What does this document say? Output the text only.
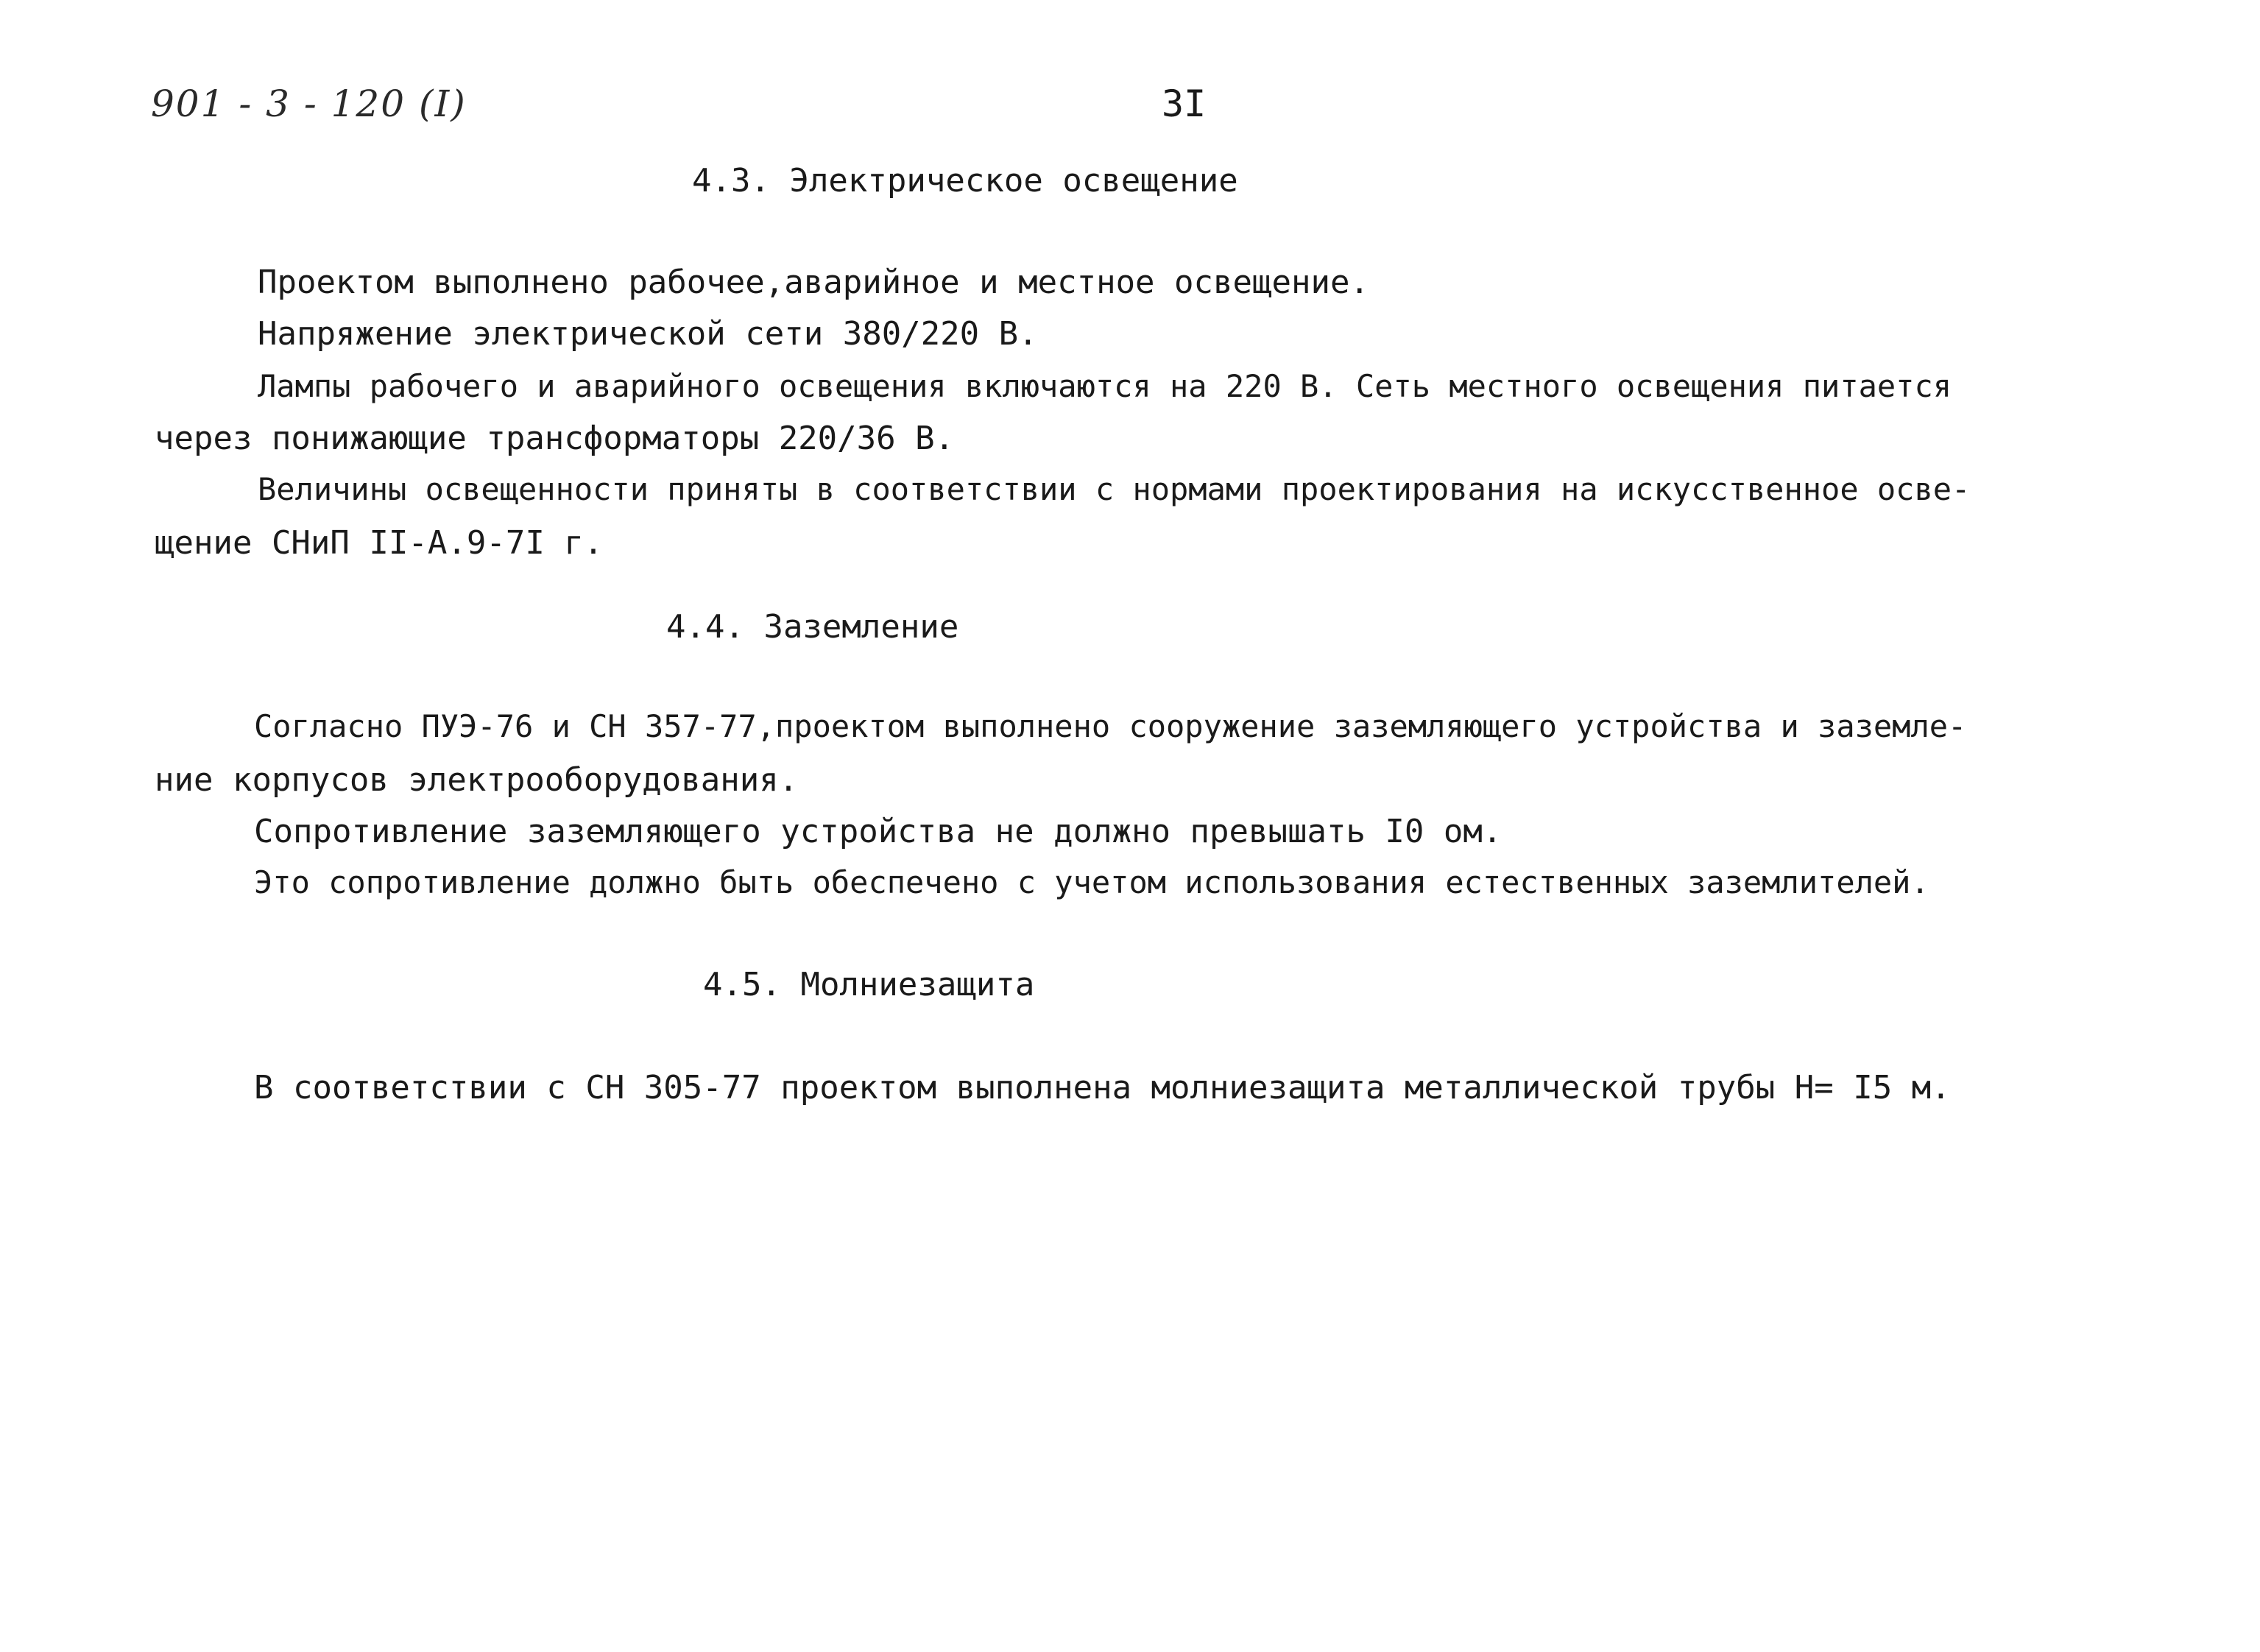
901 - 3 - 120 (I)	3I
4.3. Электрическое освещение
Проектом выполнено рабочее,аварийное и местное освещение.
Напряжение электрической сети 380/220 В.
Лампы рабочего и аварийного освещения включаются на 220 В. Сеть местного освещения питается
через понижающие трансформаторы 220/36 В.
Величины освещенности приняты в соответствии с нормами проектирования на искусственное осве-
щение СНиП II-А.9-7I г.
4.4. Заземление
Согласно ПУЭ-76 и СН 357-77,проектом выполнено сооружение заземляющего устройства и заземле-
ние корпусов электрооборудования.
Сопротивление заземляющего устройства не должно превышать I0 ом.
Это сопротивление должно быть обеспечено с учетом использования естественных заземлителей.
4.5. Молниезащита
В соответствии с СН 305-77 проектом выполнена молниезащита металлической трубы Н= I5 м.
